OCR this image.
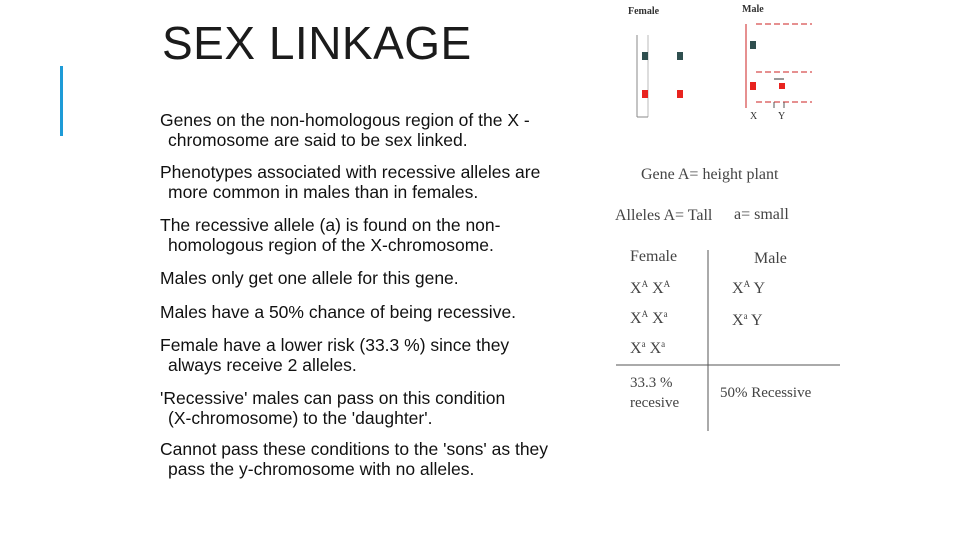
SEX LINKAGE
Genes on the non-homologous region of the X -
chromosome are said to be sex linked.
Phenotypes associated with recessive alleles are
more common in males than in females.
The recessive allele (a) is found on the non-
homologous region of the X-chromosome.
Males only get one allele for this gene.
Males have a 50% chance of being recessive.
Female have a lower risk (33.3 %) since they
always receive 2 alleles.
'Recessive' males can pass on this condition
(X-chromosome) to the 'daughter'.
Cannot pass these conditions to the 'sons' as they
pass the y-chromosome with no alleles.
Female	Male
X Y
Gene A= height plant
Alleles A= Tall a= small
Female	Male
$X^A$ $X^A$
$X^A$ $X^a$
$X^a$ $X^a$
$X^A$ Y
$X^a$ Y
33.3 %
recesive
50% Recessive
